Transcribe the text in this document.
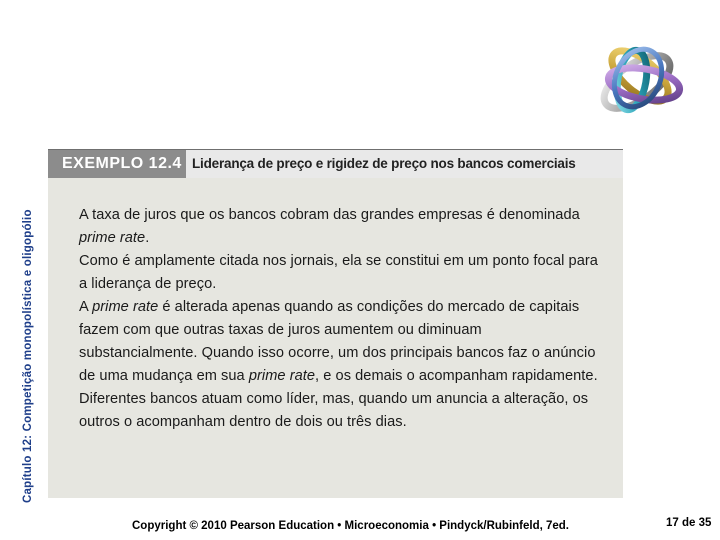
Capítulo 12: Competição monopolística e oligopólio
EXEMPLO 12.4 Liderança de preço e rigidez de preço nos bancos comerciais

A taxa de juros que os bancos cobram das grandes empresas é denominada prime rate.

Como é amplamente citada nos jornais, ela se constitui em um ponto focal para a liderança de preço.

A prime rate é alterada apenas quando as condições do mercado de capitais fazem com que outras taxas de juros aumentem ou diminuam substancialmente. Quando isso ocorre, um dos principais bancos faz o anúncio de uma mudança em sua prime rate, e os demais o acompanham rapidamente.

Diferentes bancos atuam como líder, mas, quando um anuncia a alteração, os outros o acompanham dentro de dois ou três dias.

Copyright © 2010 Pearson Education • Microeconomia • Pindyck/Rubinfeld, 7ed.	17 de 35
